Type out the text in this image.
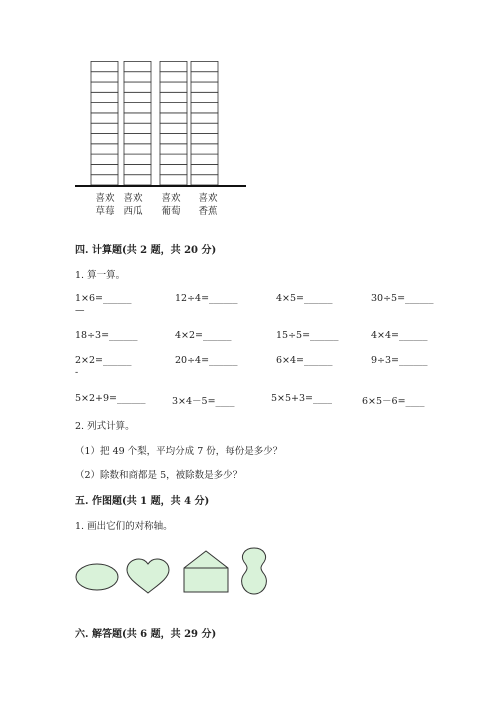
喜欢
草莓
喜欢
西瓜
喜欢
葡萄
喜欢
香蕉
四. 计算题(共 2 题，共 20 分)
1. 算一算。
1×6=______	12÷4=______	4×5=______	30÷5=______
—
18÷3=______	4×2=______	15÷5=______	4×4=______
2×2=______	20÷4=______	6×4=______	9÷3=______
-
5×2+9=______	3×4－5=____	5×5+3=____	6×5－6=____
2. 列式计算。
（1）把 49 个梨，平均分成 7 份，每份是多少？
（2）除数和商都是 5，被除数是多少？
五. 作图题(共 1 题，共 4 分)
1. 画出它们的对称轴。
六. 解答题(共 6 题，共 29 分)
